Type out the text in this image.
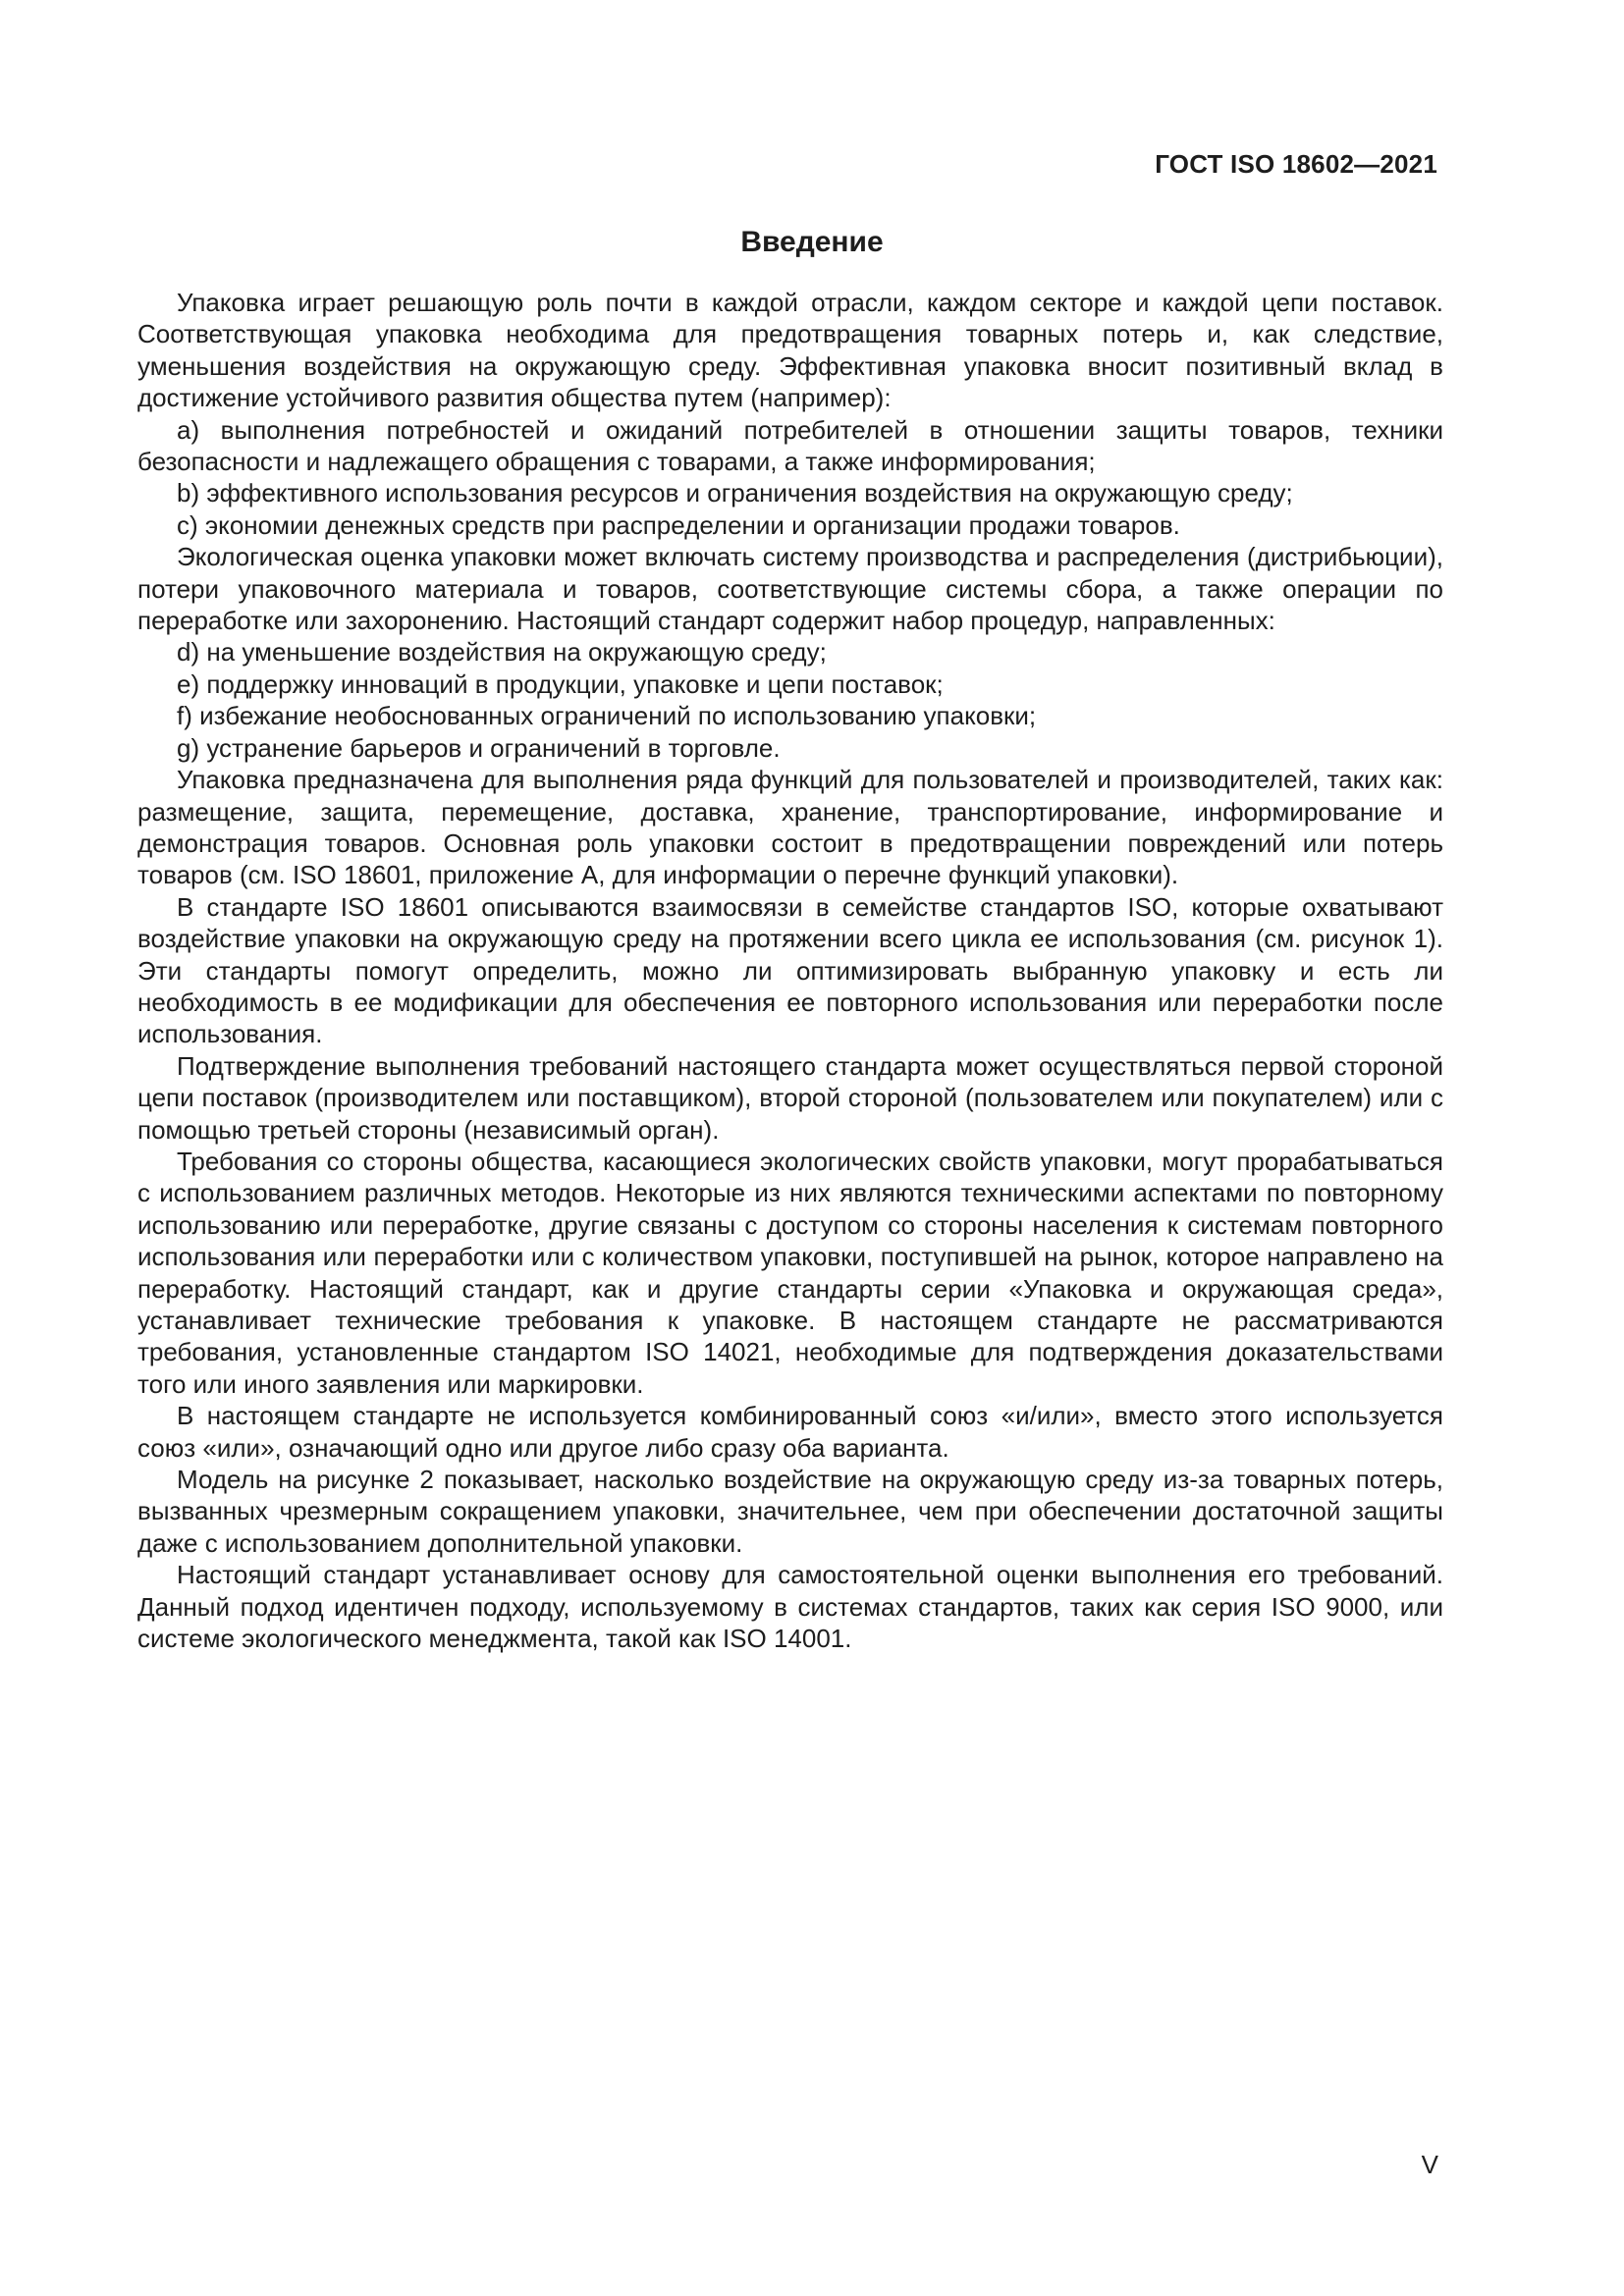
ГОСТ ISO 18602—2021
Введение

Упаковка играет решающую роль почти в каждой отрасли, каждом секторе и каждой цепи поставок. Соответствующая упаковка необходима для предотвращения товарных потерь и, как следствие, уменьшения воздействия на окружающую среду. Эффективная упаковка вносит позитивный вклад в достижение устойчивого развития общества путем (например):

а) выполнения потребностей и ожиданий потребителей в отношении защиты товаров, техники безопасности и надлежащего обращения с товарами, а также информирования;

b) эффективного использования ресурсов и ограничения воздействия на окружающую среду;

с) экономии денежных средств при распределении и организации продажи товаров.

Экологическая оценка упаковки может включать систему производства и распределения (дистрибьюции), потери упаковочного материала и товаров, соответствующие системы сбора, а также операции по переработке или захоронению. Настоящий стандарт содержит набор процедур, направленных:

d) на уменьшение воздействия на окружающую среду;

е) поддержку инноваций в продукции, упаковке и цепи поставок;

f) избежание необоснованных ограничений по использованию упаковки;

g) устранение барьеров и ограничений в торговле.

Упаковка предназначена для выполнения ряда функций для пользователей и производителей, таких как: размещение, защита, перемещение, доставка, хранение, транспортирование, информирование и демонстрация товаров. Основная роль упаковки состоит в предотвращении повреждений или потерь товаров (см. ISO 18601, приложение А, для информации о перечне функций упаковки).

В стандарте ISO 18601 описываются взаимосвязи в семействе стандартов ISO, которые охватывают воздействие упаковки на окружающую среду на протяжении всего цикла ее использования (см. рисунок 1). Эти стандарты помогут определить, можно ли оптимизировать выбранную упаковку и есть ли необходимость в ее модификации для обеспечения ее повторного использования или переработки после использования.

Подтверждение выполнения требований настоящего стандарта может осуществляться первой стороной цепи поставок (производителем или поставщиком), второй стороной (пользователем или покупателем) или с помощью третьей стороны (независимый орган).

Требования со стороны общества, касающиеся экологических свойств упаковки, могут прорабатываться с использованием различных методов. Некоторые из них являются техническими аспектами по повторному использованию или переработке, другие связаны с доступом со стороны населения к системам повторного использования или переработки или с количеством упаковки, поступившей на рынок, которое направлено на переработку. Настоящий стандарт, как и другие стандарты серии «Упаковка и окружающая среда», устанавливает технические требования к упаковке. В настоящем стандарте не рассматриваются требования, установленные стандартом ISO 14021, необходимые для подтверждения доказательствами того или иного заявления или маркировки.

В настоящем стандарте не используется комбинированный союз «и/или», вместо этого используется союз «или», означающий одно или другое либо сразу оба варианта.

Модель на рисунке 2 показывает, насколько воздействие на окружающую среду из-за товарных потерь, вызванных чрезмерным сокращением упаковки, значительнее, чем при обеспечении достаточной защиты даже с использованием дополнительной упаковки.

Настоящий стандарт устанавливает основу для самостоятельной оценки выполнения его требований. Данный подход идентичен подходу, используемому в системах стандартов, таких как серия ISO 9000, или системе экологического менеджмента, такой как ISO 14001.

V
